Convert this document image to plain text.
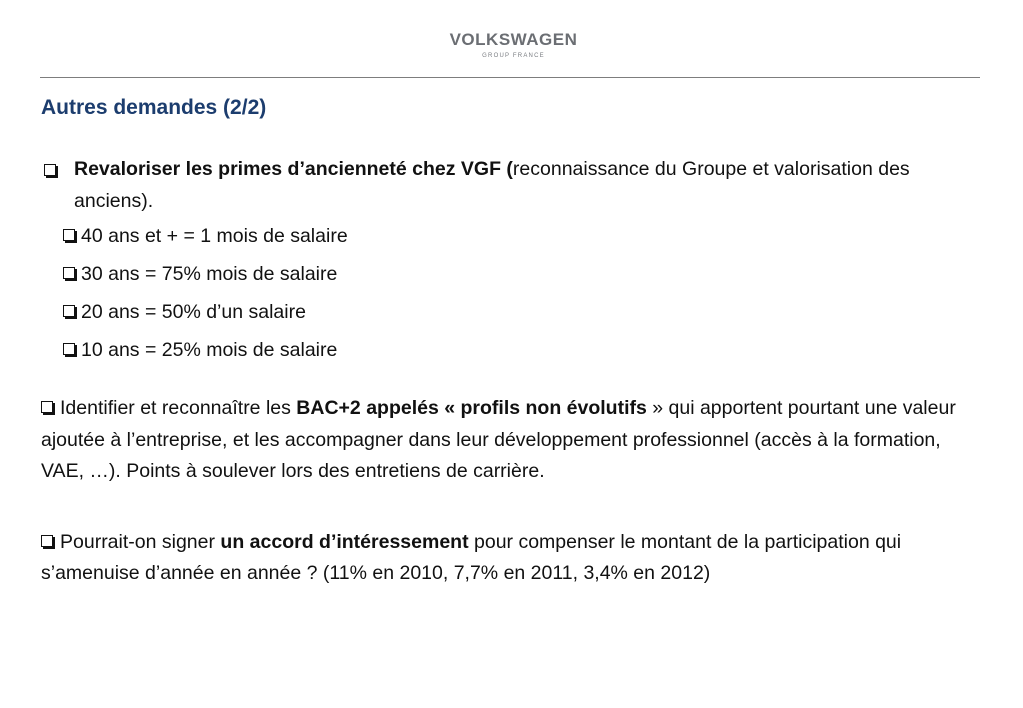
VOLKSWAGEN
GROUP FRANCE
Autres demandes (2/2)
Revaloriser les primes d’ancienneté chez VGF (reconnaissance du Groupe et valorisation des anciens).
40 ans et + = 1 mois de salaire
30 ans = 75% mois de salaire
20 ans = 50% d’un salaire
10 ans = 25% mois de salaire
Identifier et reconnaître les BAC+2 appelés « profils non évolutifs » qui apportent pourtant une valeur ajoutée à l’entreprise, et les accompagner dans leur développement professionnel (accès à la formation, VAE, …). Points à soulever lors des entretiens de carrière.
Pourrait-on signer un accord d’intéressement pour compenser le montant de la participation qui s’amenuise d’année en année ? (11% en 2010, 7,7% en 2011, 3,4% en 2012)
